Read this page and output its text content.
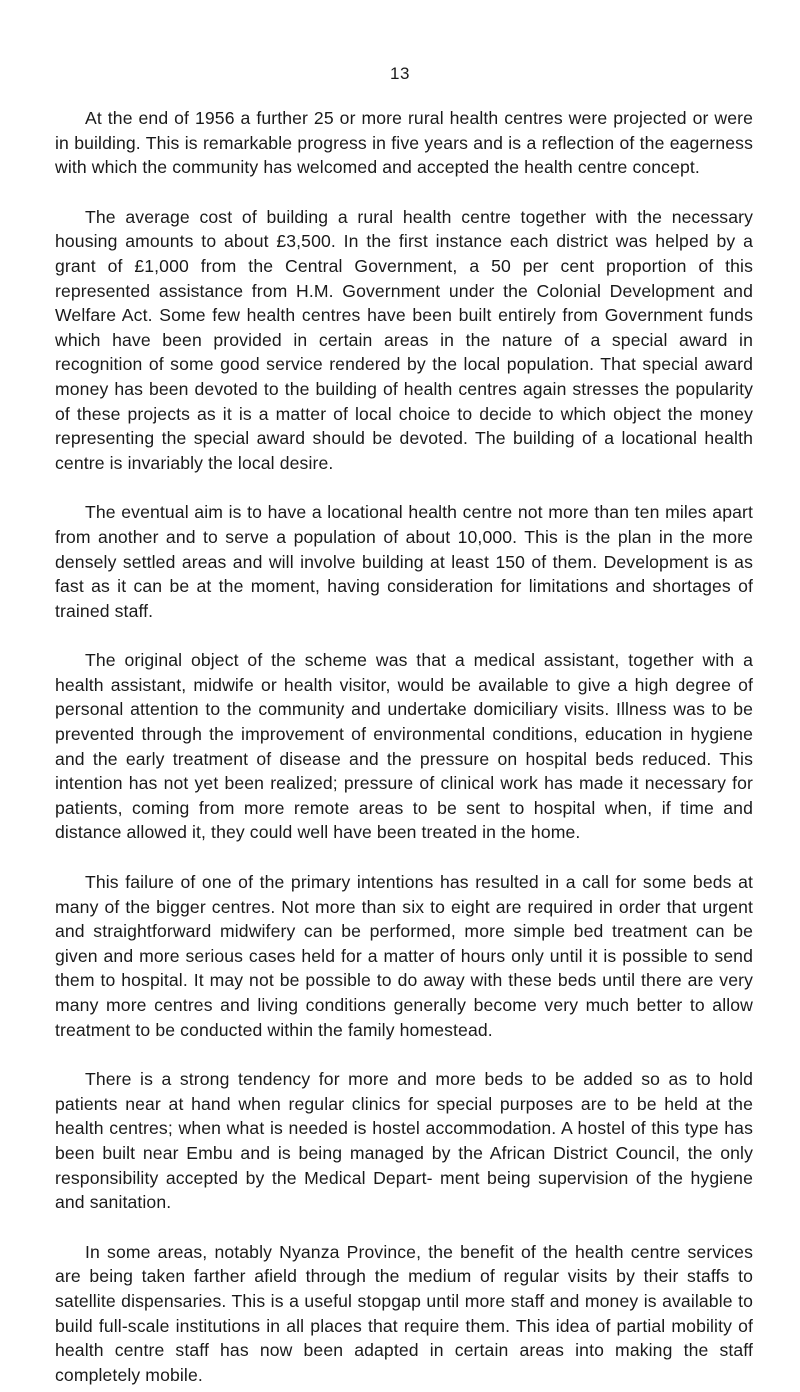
13

At the end of 1956 a further 25 or more rural health centres were projected or were in building. This is remarkable progress in five years and is a reflection of the eagerness with which the community has welcomed and accepted the health centre concept.

The average cost of building a rural health centre together with the necessary housing amounts to about £3,500. In the first instance each district was helped by a grant of £1,000 from the Central Government, a 50 per cent proportion of this represented assistance from H.M. Government under the Colonial Development and Welfare Act. Some few health centres have been built entirely from Government funds which have been provided in certain areas in the nature of a special award in recognition of some good service rendered by the local population. That special award money has been devoted to the building of health centres again stresses the popularity of these projects as it is a matter of local choice to decide to which object the money representing the special award should be devoted. The building of a locational health centre is invariably the local desire.

The eventual aim is to have a locational health centre not more than ten miles apart from another and to serve a population of about 10,000. This is the plan in the more densely settled areas and will involve building at least 150 of them. Development is as fast as it can be at the moment, having consideration for limitations and shortages of trained staff.

The original object of the scheme was that a medical assistant, together with a health assistant, midwife or health visitor, would be available to give a high degree of personal attention to the community and undertake domiciliary visits. Illness was to be prevented through the improvement of environmental conditions, education in hygiene and the early treatment of disease and the pressure on hospital beds reduced. This intention has not yet been realized; pressure of clinical work has made it necessary for patients, coming from more remote areas to be sent to hospital when, if time and distance allowed it, they could well have been treated in the home.

This failure of one of the primary intentions has resulted in a call for some beds at many of the bigger centres. Not more than six to eight are required in order that urgent and straightforward midwifery can be performed, more simple bed treatment can be given and more serious cases held for a matter of hours only until it is possible to send them to hospital. It may not be possible to do away with these beds until there are very many more centres and living conditions generally become very much better to allow treatment to be conducted within the family homestead.

There is a strong tendency for more and more beds to be added so as to hold patients near at hand when regular clinics for special purposes are to be held at the health centres; when what is needed is hostel accommodation. A hostel of this type has been built near Embu and is being managed by the African District Council, the only responsibility accepted by the Medical Depart- ment being supervision of the hygiene and sanitation.

In some areas, notably Nyanza Province, the benefit of the health centre services are being taken farther afield through the medium of regular visits by their staffs to satellite dispensaries. This is a useful stopgap until more staff and money is available to build full-scale institutions in all places that require them. This idea of partial mobility of health centre staff has now been adapted in certain areas into making the staff completely mobile.
